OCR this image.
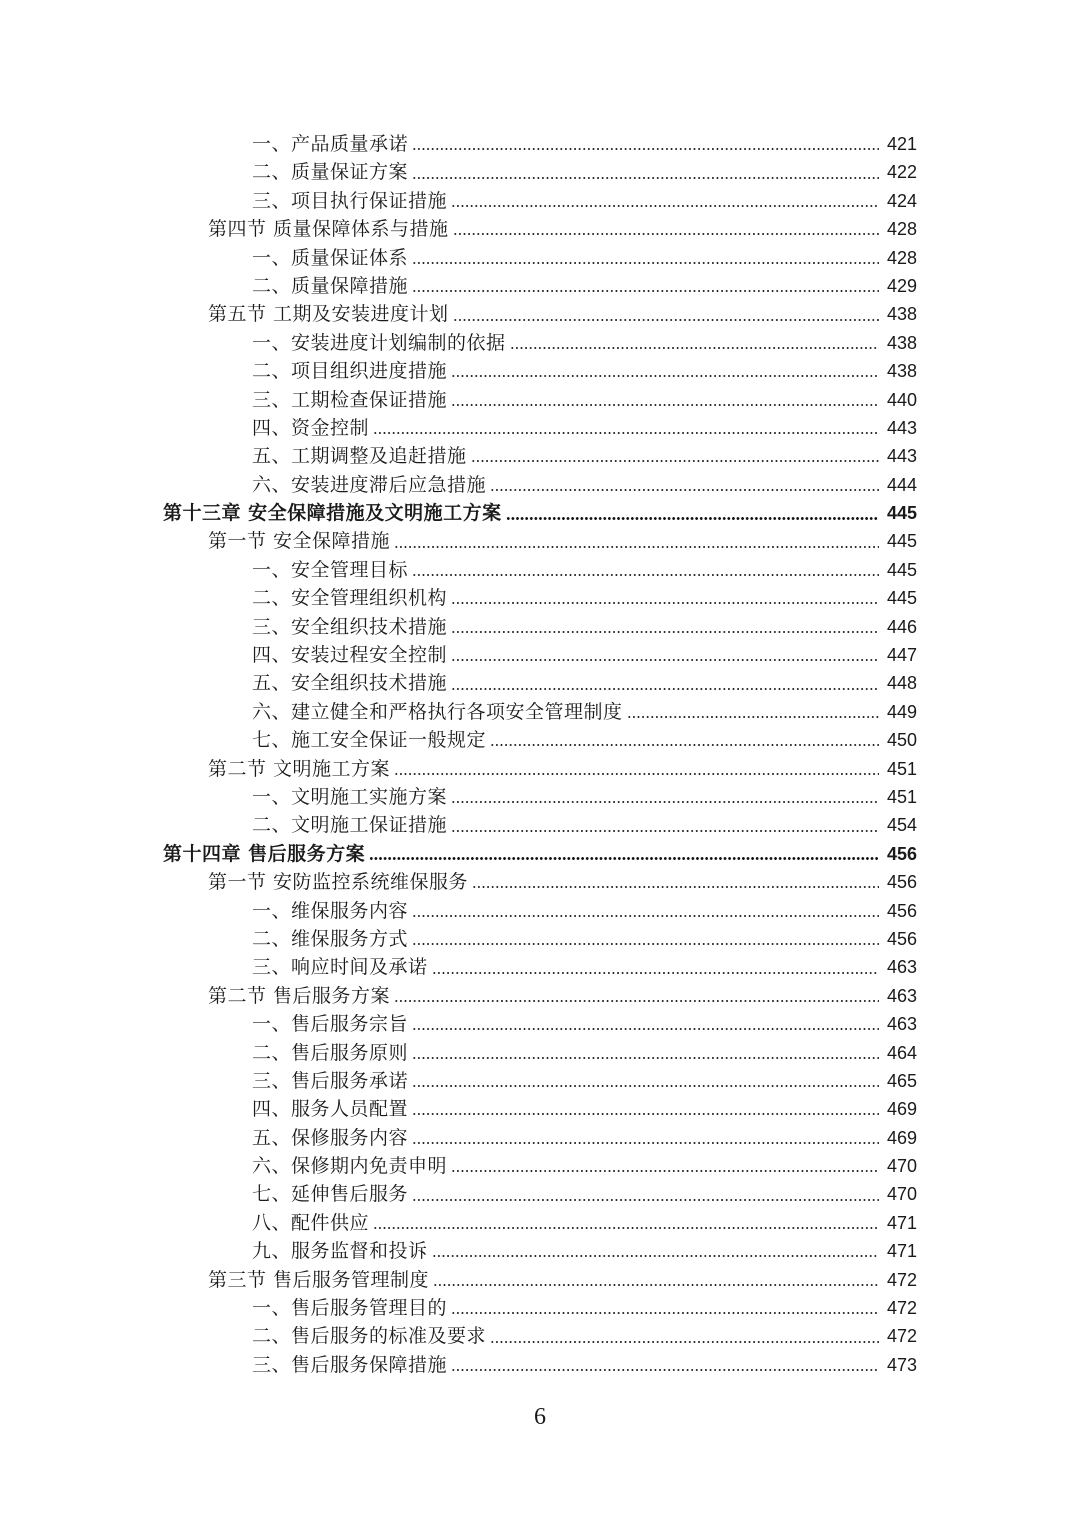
一、产品质量承诺	421
二、质量保证方案	422
三、项目执行保证措施	424
第四节 质量保障体系与措施	428
一、质量保证体系	428
二、质量保障措施	429
第五节 工期及安装进度计划	438
一、安装进度计划编制的依据	438
二、项目组织进度措施	438
三、工期检查保证措施	440
四、资金控制	443
五、工期调整及追赶措施	443
六、安装进度滞后应急措施	444
第十三章 安全保障措施及文明施工方案	445
第一节 安全保障措施	445
一、安全管理目标	445
二、安全管理组织机构	445
三、安全组织技术措施	446
四、安装过程安全控制	447
五、安全组织技术措施	448
六、建立健全和严格执行各项安全管理制度	449
七、施工安全保证一般规定	450
第二节 文明施工方案	451
一、文明施工实施方案	451
二、文明施工保证措施	454
第十四章 售后服务方案	456
第一节 安防监控系统维保服务	456
一、维保服务内容	456
二、维保服务方式	456
三、响应时间及承诺	463
第二节 售后服务方案	463
一、售后服务宗旨	463
二、售后服务原则	464
三、售后服务承诺	465
四、服务人员配置	469
五、保修服务内容	469
六、保修期内免责申明	470
七、延伸售后服务	470
八、配件供应	471
九、服务监督和投诉	471
第三节 售后服务管理制度	472
一、售后服务管理目的	472
二、售后服务的标准及要求	472
三、售后服务保障措施	473
6
